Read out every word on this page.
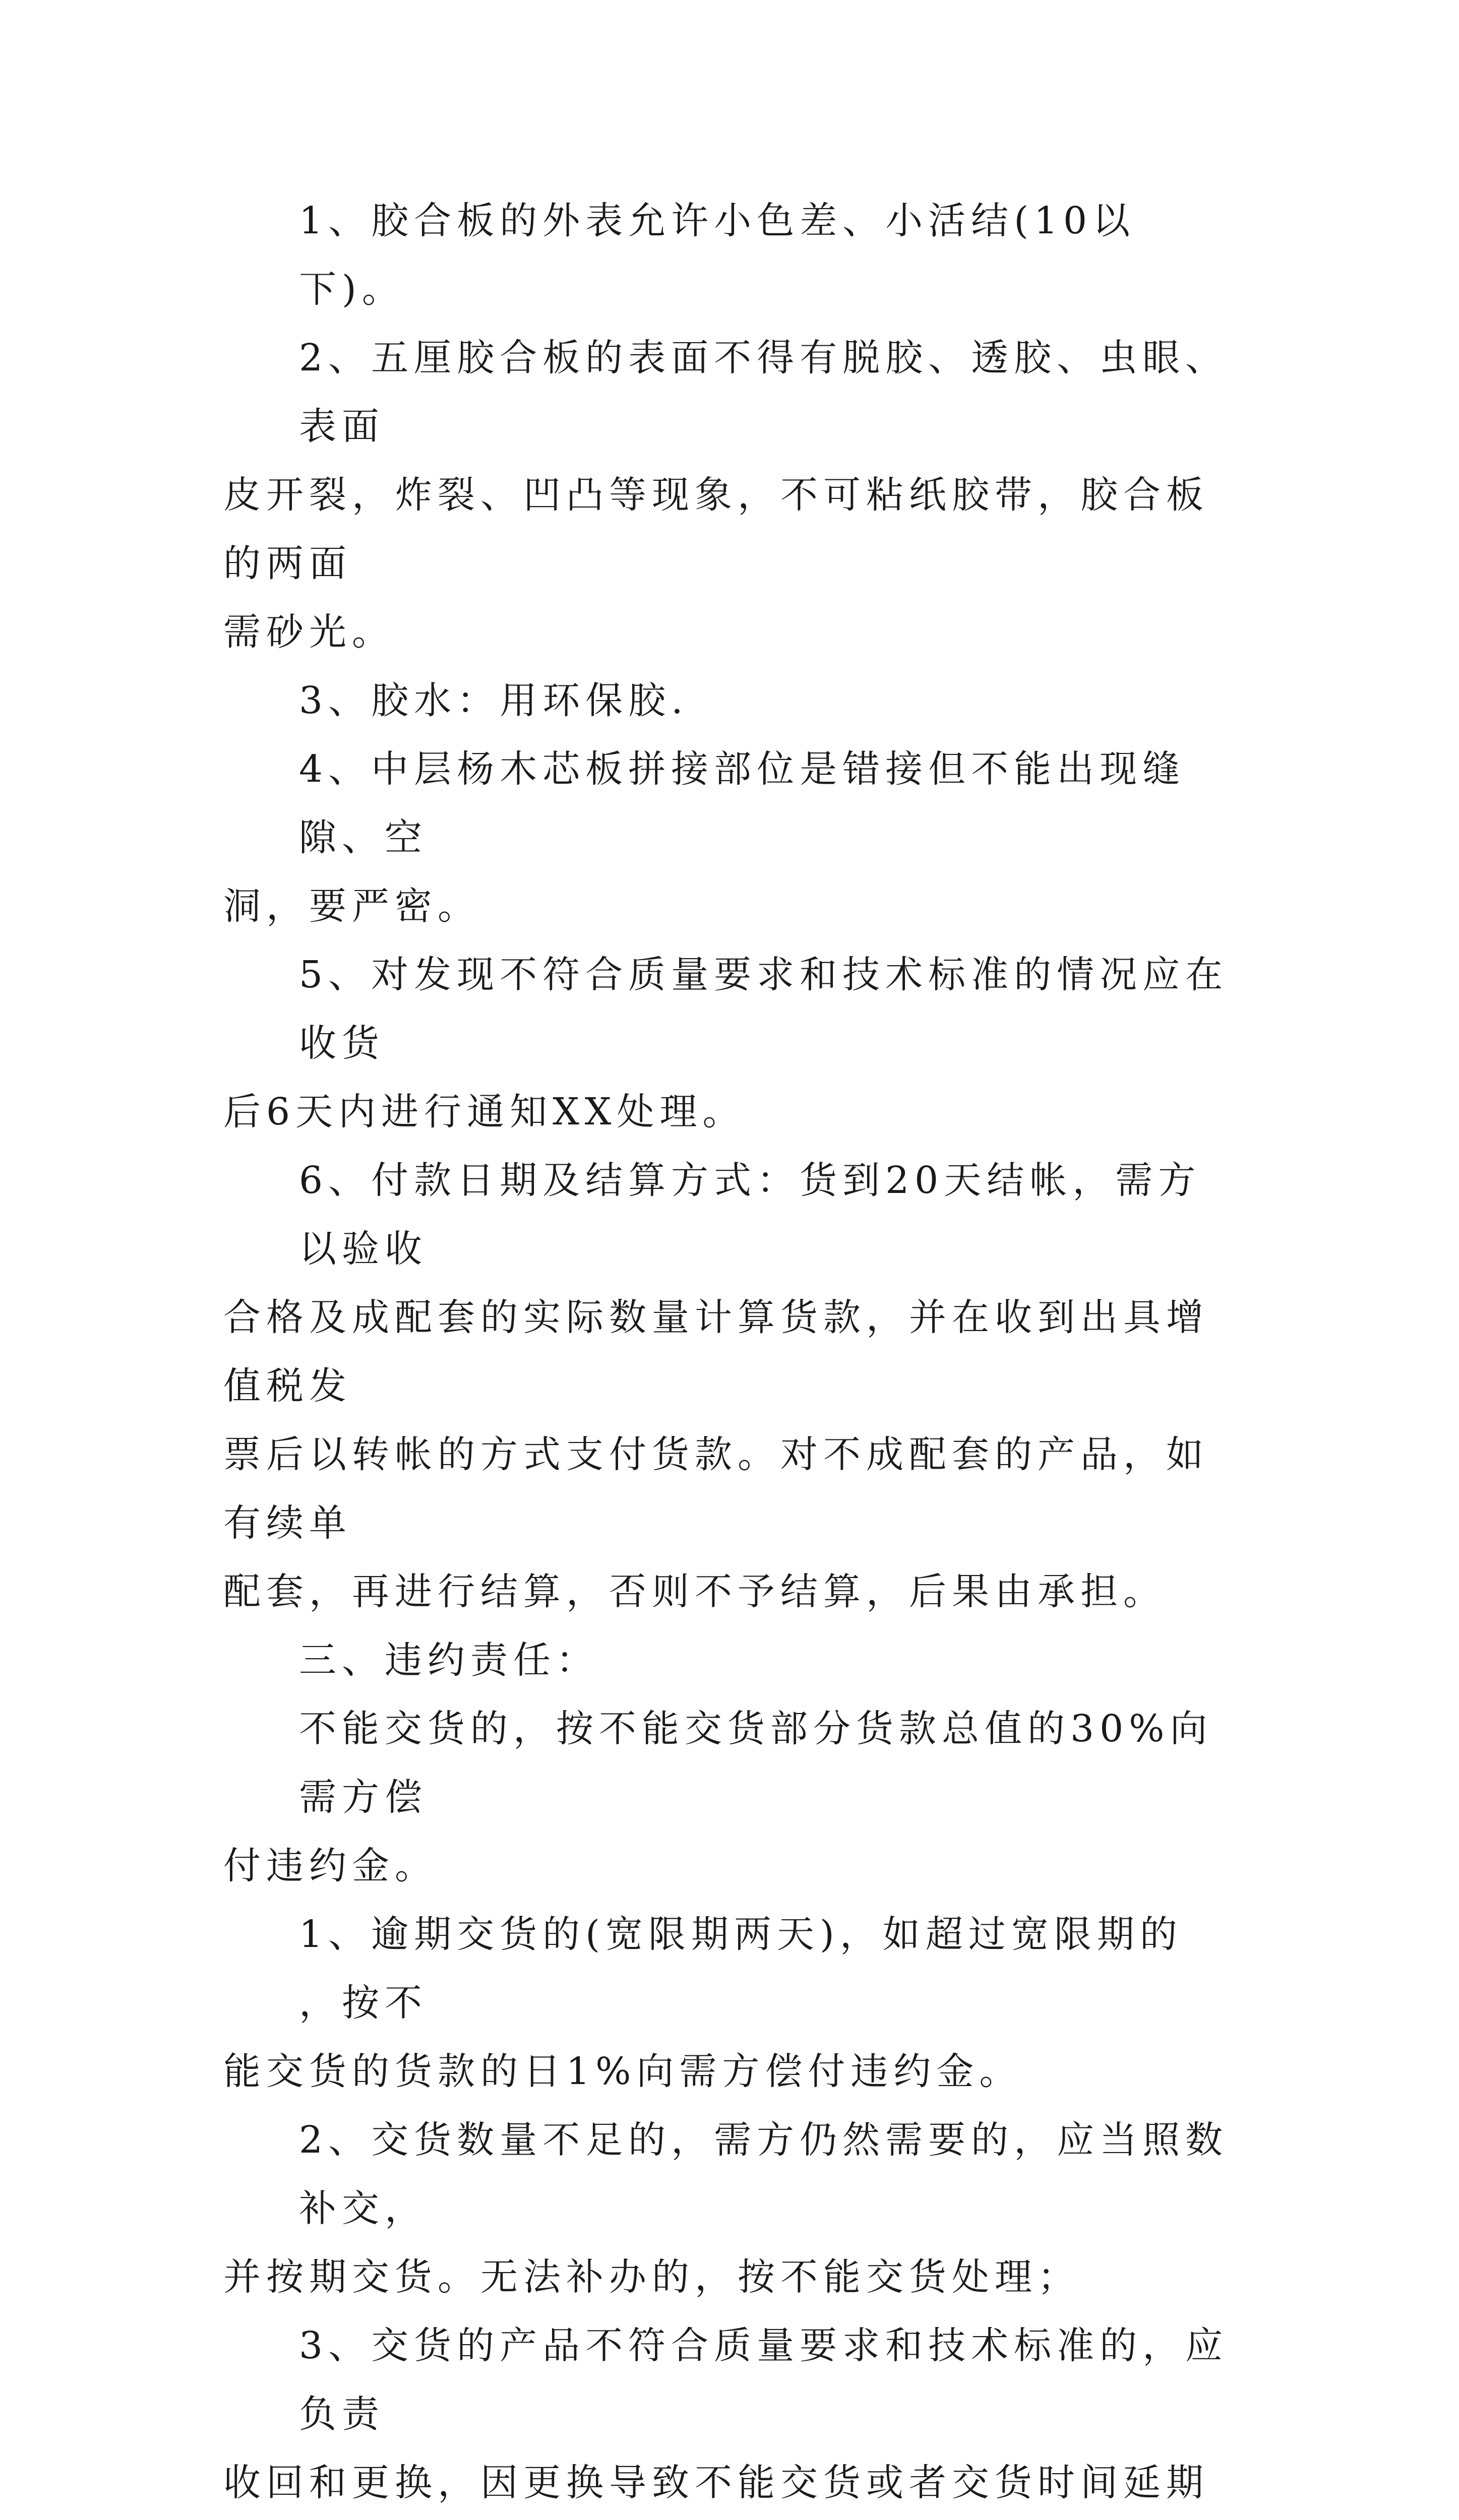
1、胶合板的外表允许小色差、小活结(10以下)。

2、五厘胶合板的表面不得有脱胶、透胶、虫眼、表面
皮开裂，炸裂、凹凸等现象，不可粘纸胶带，胶合板的两面
需砂光。

3、胶水：用环保胶.

4、中层杨木芯板拼接部位是错接但不能出现缝隙、空
洞，要严密。

5、对发现不符合质量要求和技术标准的情况应在收货
后6天内进行通知XX处理。

6、付款日期及结算方式：货到20天结帐，需方以验收
合格及成配套的实际数量计算货款，并在收到出具增值税发
票后以转帐的方式支付货款。对不成配套的产品，如有续单
配套，再进行结算，否则不予结算，后果由承担。

三、违约责任：

不能交货的，按不能交货部分货款总值的30%向需方偿
付违约金。

1、逾期交货的(宽限期两天)，如超过宽限期的 ，按不
能交货的货款的日1%向需方偿付违约金。

2、交货数量不足的，需方仍然需要的，应当照数补交，
并按期交货。无法补办的，按不能交货处理；

3、交货的产品不符合质量要求和技术标准的，应负责
收回和更换，因更换导致不能交货或者交货时间延期
